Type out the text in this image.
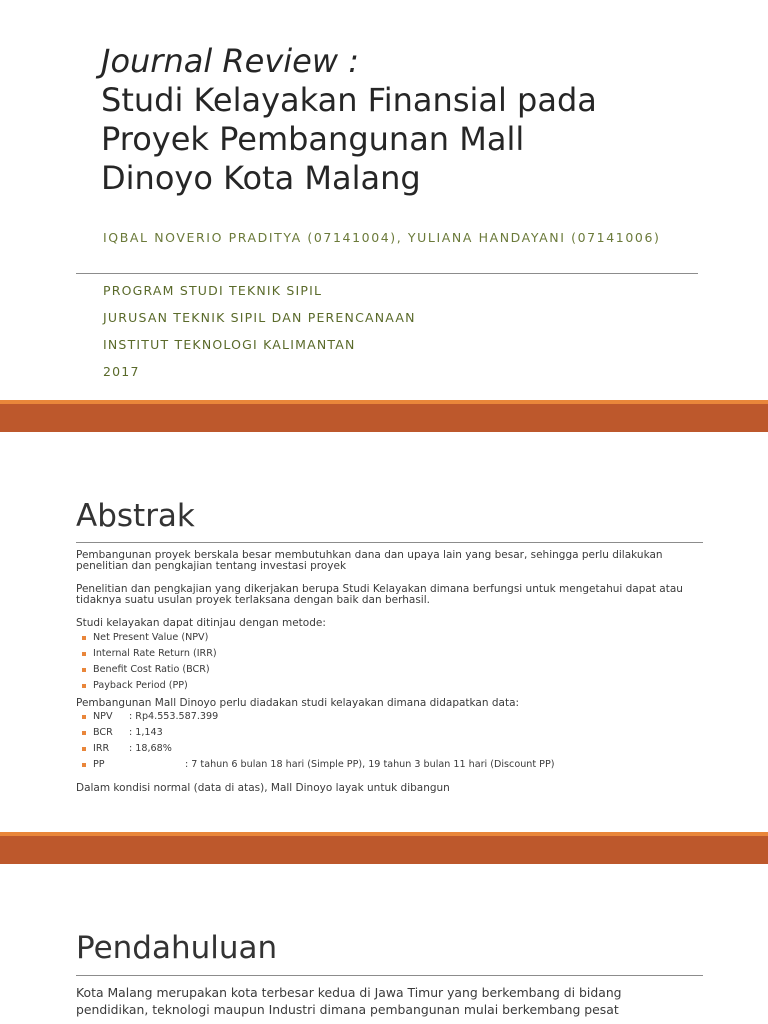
Journal Review :
Studi Kelayakan Finansial pada
Proyek Pembangunan Mall
Dinoyo Kota Malang
IQBAL NOVERIO PRADITYA (07141004), YULIANA HANDAYANI (07141006)
PROGRAM STUDI TEKNIK SIPIL
JURUSAN TEKNIK SIPIL DAN PERENCANAAN
INSTITUT TEKNOLOGI KALIMANTAN
2017
Abstrak

Pembangunan proyek berskala besar membutuhkan dana dan upaya lain yang besar, sehingga perlu dilakukan penelitian dan pengkajian tentang investasi proyek

Penelitian dan pengkajian yang dikerjakan berupa Studi Kelayakan dimana berfungsi untuk mengetahui dapat atau tidaknya suatu usulan proyek terlaksana dengan baik dan berhasil.

Studi kelayakan dapat ditinjau dengan metode:

Net Present Value (NPV)
Internal Rate Return (IRR)
Benefit Cost Ratio (BCR)
Payback Period (PP)

Pembangunan Mall Dinoyo perlu diadakan studi kelayakan dimana didapatkan data:

NPV : Rp4.553.587.399
BCR : 1,143
IRR : 18,68%
PP	: 7 tahun 6 bulan 18 hari (Simple PP), 19 tahun 3 bulan 11 hari (Discount PP)

Dalam kondisi normal (data di atas), Mall Dinoyo layak untuk dibangun

Pendahuluan
Kota Malang merupakan kota terbesar kedua di Jawa Timur yang berkembang di bidang pendidikan, teknologi maupun Industri dimana pembangunan mulai berkembang pesat
